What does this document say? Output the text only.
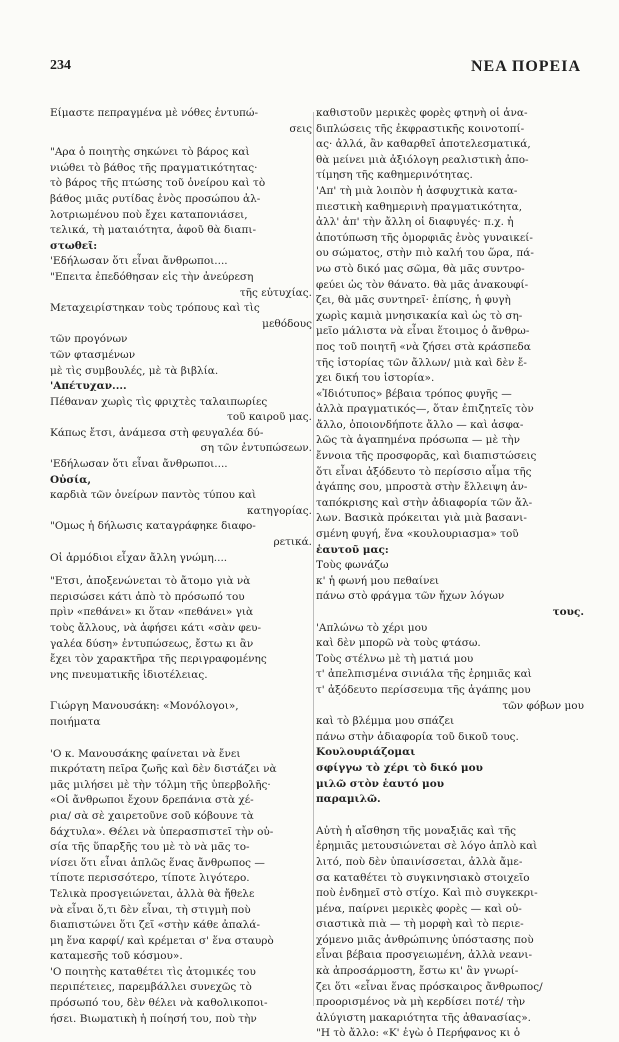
234	ΝΕΑ ΠΟΡΕΙΑ
Είμαστε πεπραγμένα μὲ νόθες ἐντυπώ-
σεις
"Αρα ὁ ποιητὴς σηκώνει τὸ βάρος καὶ
νιώθει τὸ βάθος τῆς πραγματικότητας·
τὸ βάρος τῆς πτώσης τοῦ ὀνείρου καὶ τὸ
βάθος μιᾶς ρυτίδας ἑνὸς προσώπου ἀλ-
λοτριωμένου ποὺ ἔχει καταπονιάσει,
τελικά, τὴ ματαιότητα, ἀφοῦ θὰ διαπι-
στωθεῖ:
'Εδήλωσαν ὅτι εἶναι ἄνθρωποι....
"Επειτα ἐπεδόθησαν εἰς τὴν ἀνεύρεση
τῆς εὐτυχίας.
Μεταχειρίστηκαν τοὺς τρόπους καὶ τὶς
μεθόδους
τῶν προγόνων
τῶν φτασμένων
μὲ τὶς συμβουλές, μὲ τὰ βιβλία.
'Απέτυχαν....
Πέθαναν χωρὶς τὶς φριχτὲς ταλαιπωρίες
τοῦ καιροῦ μας.
Κάπως ἔτσι, ἀνάμεσα στὴ φευγαλέα δύ-
ση τῶν ἐντυπώσεων.
'Εδήλωσαν ὅτι εἶναι ἄνθρωποι....
Οὐσία,
καρδιὰ τῶν ὀνείρων παντὸς τύπου καὶ
κατηγορίας.
"Ομως ἡ δήλωσις καταγράφηκε διαφο-
ρετικά.
Οἱ ἁρμόδιοι εἶχαν ἄλλη γνώμη....
"Ετσι, ἀποξενώνεται τὸ ἄτομο γιὰ νὰ
περισώσει κάτι ἀπὸ τὸ πρόσωπό του
πρὶν «πεθάνει» κι ὅταν «πεθάνει» γιὰ
τοὺς ἄλλους, νὰ ἀφήσει κάτι «σὰν φευ-
γαλέα δύση» ἐντυπώσεως, ἔστω κι ἂν
ἔχει τὸν χαρακτῆρα τῆς περιγραφομένης
νης πνευματικῆς ἰδιοτέλειας.
Γιώργη Μανουσάκη: «Μονόλογοι»,
ποιήματα
'Ο κ. Μανουσάκης φαίνεται νὰ ἔνει
πικρότατη πεῖρα ζωῆς καὶ δὲν διστάζει νὰ
μᾶς μιλήσει μὲ τὴν τόλμη τῆς ὑπερβολῆς·
«Οἱ ἄνθρωποι ἔχουν δρεπάνια στὰ χέ-
ρια/ σὰ σὲ χαιρετοῦνε σοῦ κόβουνε τὰ
δάχτυλα». Θέλει νὰ ὑπερασπιστεῖ τὴν οὐ-
σία τῆς ὕπαρξῆς του μὲ τὸ νὰ μᾶς το-
νίσει ὅτι εἶναι ἁπλῶς ἕνας ἄνθρωπος —
τίποτε περισσότερο, τίποτε λιγότερο.
Τελικὰ προσγειώνεται, ἀλλὰ θὰ ἤθελε
νὰ εἶναι ὅ,τι δὲν εἶναι, τὴ στιγμὴ ποὺ
διαπιστώνει ὅτι ζεῖ «στὴν κάθε ἀπαλά-
μη ἕνα καρφί/ καὶ κρέμεται σ' ἕνα σταυρὸ
καταμεσῆς τοῦ κόσμου».
'Ο ποιητὴς καταθέτει τὶς ἀτομικές του
περιπέτειες, παρεμβάλλει συνεχῶς τὸ
πρόσωπό του, δὲν θέλει νὰ καθολικοποι-
ήσει. Βιωματικὴ ἡ ποίησή του, ποὺ τὴν
καθιστοῦν μερικὲς φορὲς φτηνὴ οἱ ἀνα-
διπλώσεις τῆς ἐκφραστικῆς κοινοτοπί-
ας· ἀλλά, ἂν καθαρθεῖ ἀποτελεσματικά,
θὰ μείνει μιὰ ἀξιόλογη ρεαλιστικὴ ἀπο-
τίμηση τῆς καθημερινότητας.
'Απ' τὴ μιὰ λοιπὸν ἡ ἀσφυχτικὰ κατα-
πιεστικὴ καθημερινὴ πραγματικότητα,
ἀλλ' ἀπ' τὴν ἄλλη οἱ διαφυγές· π.χ. ἡ
ἀποτύπωση τῆς ὁμορφιᾶς ἑνὸς γυναικεί-
ου σώματος, στὴν πιὸ καλή του ὥρα, πά-
νω στὸ δικό μας σῶμα, θὰ μᾶς συντρο-
φεύει ὡς τὸν θάνατο. θὰ μᾶς ἀνακουφί-
ζει, θὰ μᾶς συντηρεῖ· ἐπίσης, ἡ φυγὴ
χωρὶς καμιὰ μνησικακία καὶ ὡς τὸ ση-
μεῖο μάλιστα νὰ εἶναι ἕτοιμος ὁ ἄνθρω-
πος τοῦ ποιητῆ «νὰ ζήσει στὰ κράσπεδα
τῆς ἱστορίας τῶν ἄλλων/ μιὰ καὶ δὲν ἔ-
χει δική του ἱστορία».
«Ἰδιότυπος» βέβαια τρόπος φυγῆς —
ἀλλὰ πραγματικός—, ὅταν ἐπιζητεῖς τὸν
ἄλλο, ὁποιονδήποτε ἄλλο — καὶ ἀσφα-
λῶς τὰ ἀγαπημένα πρόσωπα — μὲ τὴν
ἔννοια τῆς προσφορᾶς, καὶ διαπιστώσεις
ὅτι εἶναι ἀξόδευτο τὸ περίσσιο αἷμα τῆς
ἀγάπης σου, μπροστὰ στὴν ἔλλειψη ἀν-
ταπόκρισης καὶ στὴν ἀδιαφορία τῶν ἄλ-
λων. Βασικὰ πρόκειται γιὰ μιὰ βασανι-
σμένη φυγή, ἕνα «κουλουριασμα» τοῦ
ἑαυτοῦ μας:
Τοὺς φωνάζω
κ' ἡ φωνή μου πεθαίνει
πάνω στὸ φράγμα τῶν ἤχων λόγων
τους.
'Απλώνω τὸ χέρι μου
καὶ δὲν μπορῶ νὰ τοὺς φτάσω.
Τοὺς στέλνω μὲ τὴ ματιά μου
τ' ἀπελπισμένα σινιάλα τῆς ἐρημιᾶς καὶ
τ' ἀξόδευτο περίσσευμα τῆς ἀγάπης μου
τῶν φόβων μου
καὶ τὸ βλέμμα μου σπάζει
πάνω στὴν ἀδιαφορία τοῦ δικοῦ τους.
Κουλουριάζομαι
σφίγγω τὸ χέρι τὸ δικό μου
μιλῶ στὸν ἑαυτό μου
παραμιλῶ.
Αὐτὴ ἡ αἴσθηση τῆς μοναξιᾶς καὶ τῆς
ἐρημιᾶς μετουσιώνεται σὲ λόγο ἁπλὸ καὶ
λιτό, ποὺ δὲν ὑπαινίσσεται, ἀλλὰ ἄμε-
σα καταθέτει τὸ συγκινησιακὸ στοιχεῖο
ποὺ ἐνδημεῖ στὸ στίχο. Καὶ πιὸ συγκεκρι-
μένα, παίρνει μερικὲς φορὲς — καὶ οὐ-
σιαστικὰ πιὰ — τὴ μορφὴ καὶ τὸ περιε-
χόμενο μιᾶς ἀνθρώπινης ὑπόστασης ποὺ
εἶναι βέβαια προσγειωμένη, ἀλλὰ νεανι-
κὰ ἀπροσάρμοστη, ἔστω κι' ἂν γνωρί-
ζει ὅτι «εἶναι ἕνας πρόσκαιρος ἄνθρωπος/
προορισμένος νὰ μὴ κερδίσει ποτέ/ τὴν
ἀλύγιστη μακαριότητα τῆς ἀθανασίας».
"Η τὸ ἄλλο: «Κ' ἐγὼ ὁ Περήφανος κι ὁ
